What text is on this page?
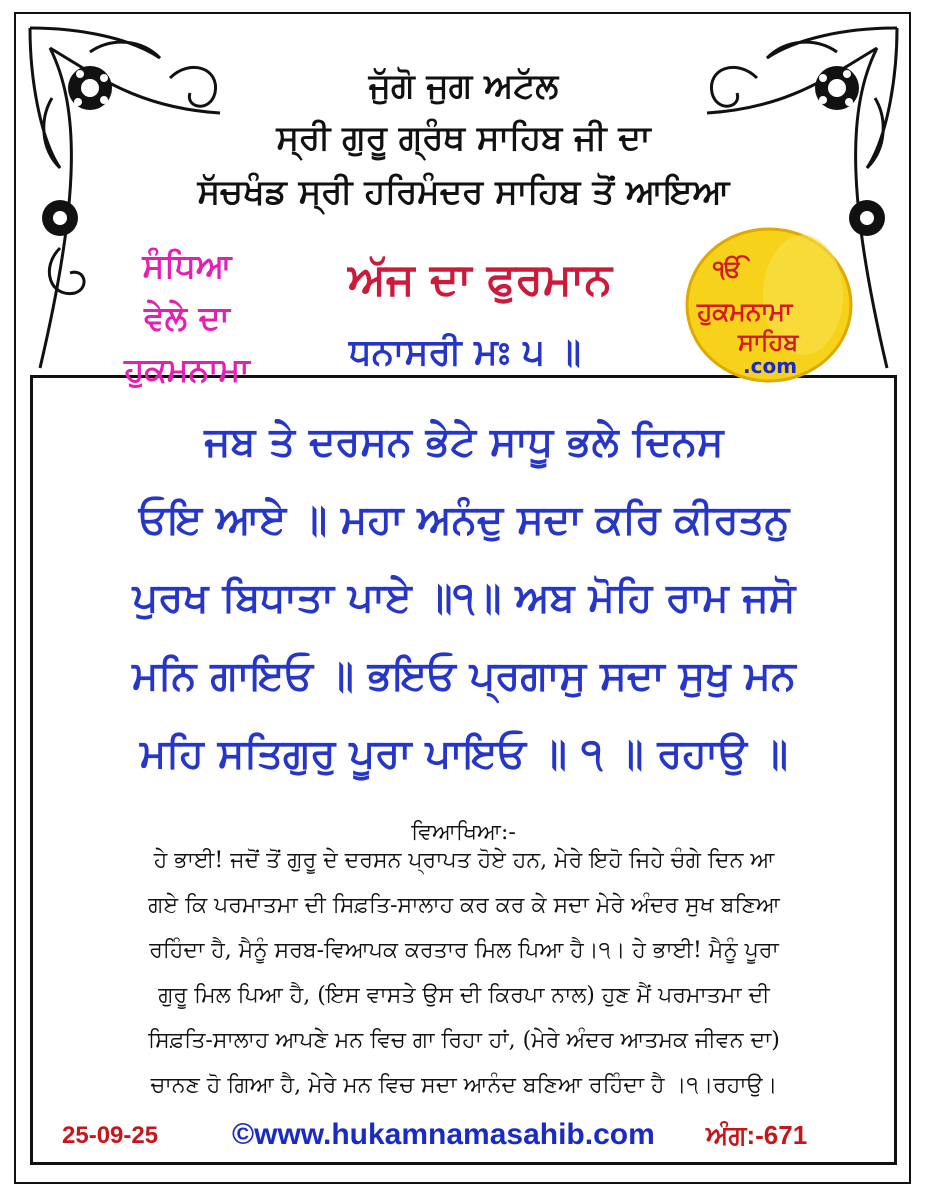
ਜੁੱਗੋ ਜੁਗ ਅਟੱਲ
ਸ੍ਰੀ ਗੁਰੂ ਗ੍ਰੰਥ ਸਾਹਿਬ ਜੀ ਦਾ
ਸੱਚਖੰਡ ਸ੍ਰੀ ਹਰਿਮੰਦਰ ਸਾਹਿਬ ਤੋਂ ਆਇਆ
ਸੰਧਿਆ
ਵੇਲੇ ਦਾ
ਹੁਕਮਨਾਮਾ
ਅੱਜ ਦਾ ਫੁਰਮਾਨ
ਧਨਾਸਰੀ ਮਃ ੫ ॥
ੴ
ਹੁਕਮਨਾਮਾ
ਸਾਹਿਬ
.com
ਜਬ ਤੇ ਦਰਸਨ ਭੇਟੇ ਸਾਧੂ ਭਲੇ ਦਿਨਸ
ਓਇ ਆਏ ॥ ਮਹਾ ਅਨੰਦੁ ਸਦਾ ਕਰਿ ਕੀਰਤਨੁ
ਪੁਰਖ ਬਿਧਾਤਾ ਪਾਏ ॥੧॥ ਅਬ ਮੋਹਿ ਰਾਮ ਜਸੋ
ਮਨਿ ਗਾਇਓ ॥ ਭਇਓ ਪ੍ਰਗਾਸੁ ਸਦਾ ਸੁਖੁ ਮਨ
ਮਹਿ ਸਤਿਗੁਰੁ ਪੂਰਾ ਪਾਇਓ ॥ ੧ ॥ ਰਹਾਉ ॥
ਵਿਆਖਿਆ:-
ਹੇ ਭਾਈ! ਜਦੋਂ ਤੋਂ ਗੁਰੂ ਦੇ ਦਰਸਨ ਪ੍ਰਾਪਤ ਹੋਏ ਹਨ, ਮੇਰੇ ਇਹੋ ਜਿਹੇ ਚੰਗੇ ਦਿਨ ਆ
ਗਏ ਕਿ ਪਰਮਾਤਮਾ ਦੀ ਸਿਫ਼ਤਿ-ਸਾਲਾਹ ਕਰ ਕਰ ਕੇ ਸਦਾ ਮੇਰੇ ਅੰਦਰ ਸੁਖ ਬਣਿਆ
ਰਹਿੰਦਾ ਹੈ, ਮੈਨੂੰ ਸਰਬ-ਵਿਆਪਕ ਕਰਤਾਰ ਮਿਲ ਪਿਆ ਹੈ।੧। ਹੇ ਭਾਈ! ਮੈਨੂੰ ਪੂਰਾ
ਗੁਰੂ ਮਿਲ ਪਿਆ ਹੈ, (ਇਸ ਵਾਸਤੇ ਉਸ ਦੀ ਕਿਰਪਾ ਨਾਲ) ਹੁਣ ਮੈਂ ਪਰਮਾਤਮਾ ਦੀ
ਸਿਫ਼ਤਿ-ਸਾਲਾਹ ਆਪਣੇ ਮਨ ਵਿਚ ਗਾ ਰਿਹਾ ਹਾਂ, (ਮੇਰੇ ਅੰਦਰ ਆਤਮਕ ਜੀਵਨ ਦਾ)
ਚਾਨਣ ਹੋ ਗਿਆ ਹੈ, ਮੇਰੇ ਮਨ ਵਿਚ ਸਦਾ ਆਨੰਦ ਬਣਿਆ ਰਹਿੰਦਾ ਹੈ ।੧।ਰਹਾਉ।
25-09-25 ©www.hukamnamasahib.com ਅੰਗ:-671
